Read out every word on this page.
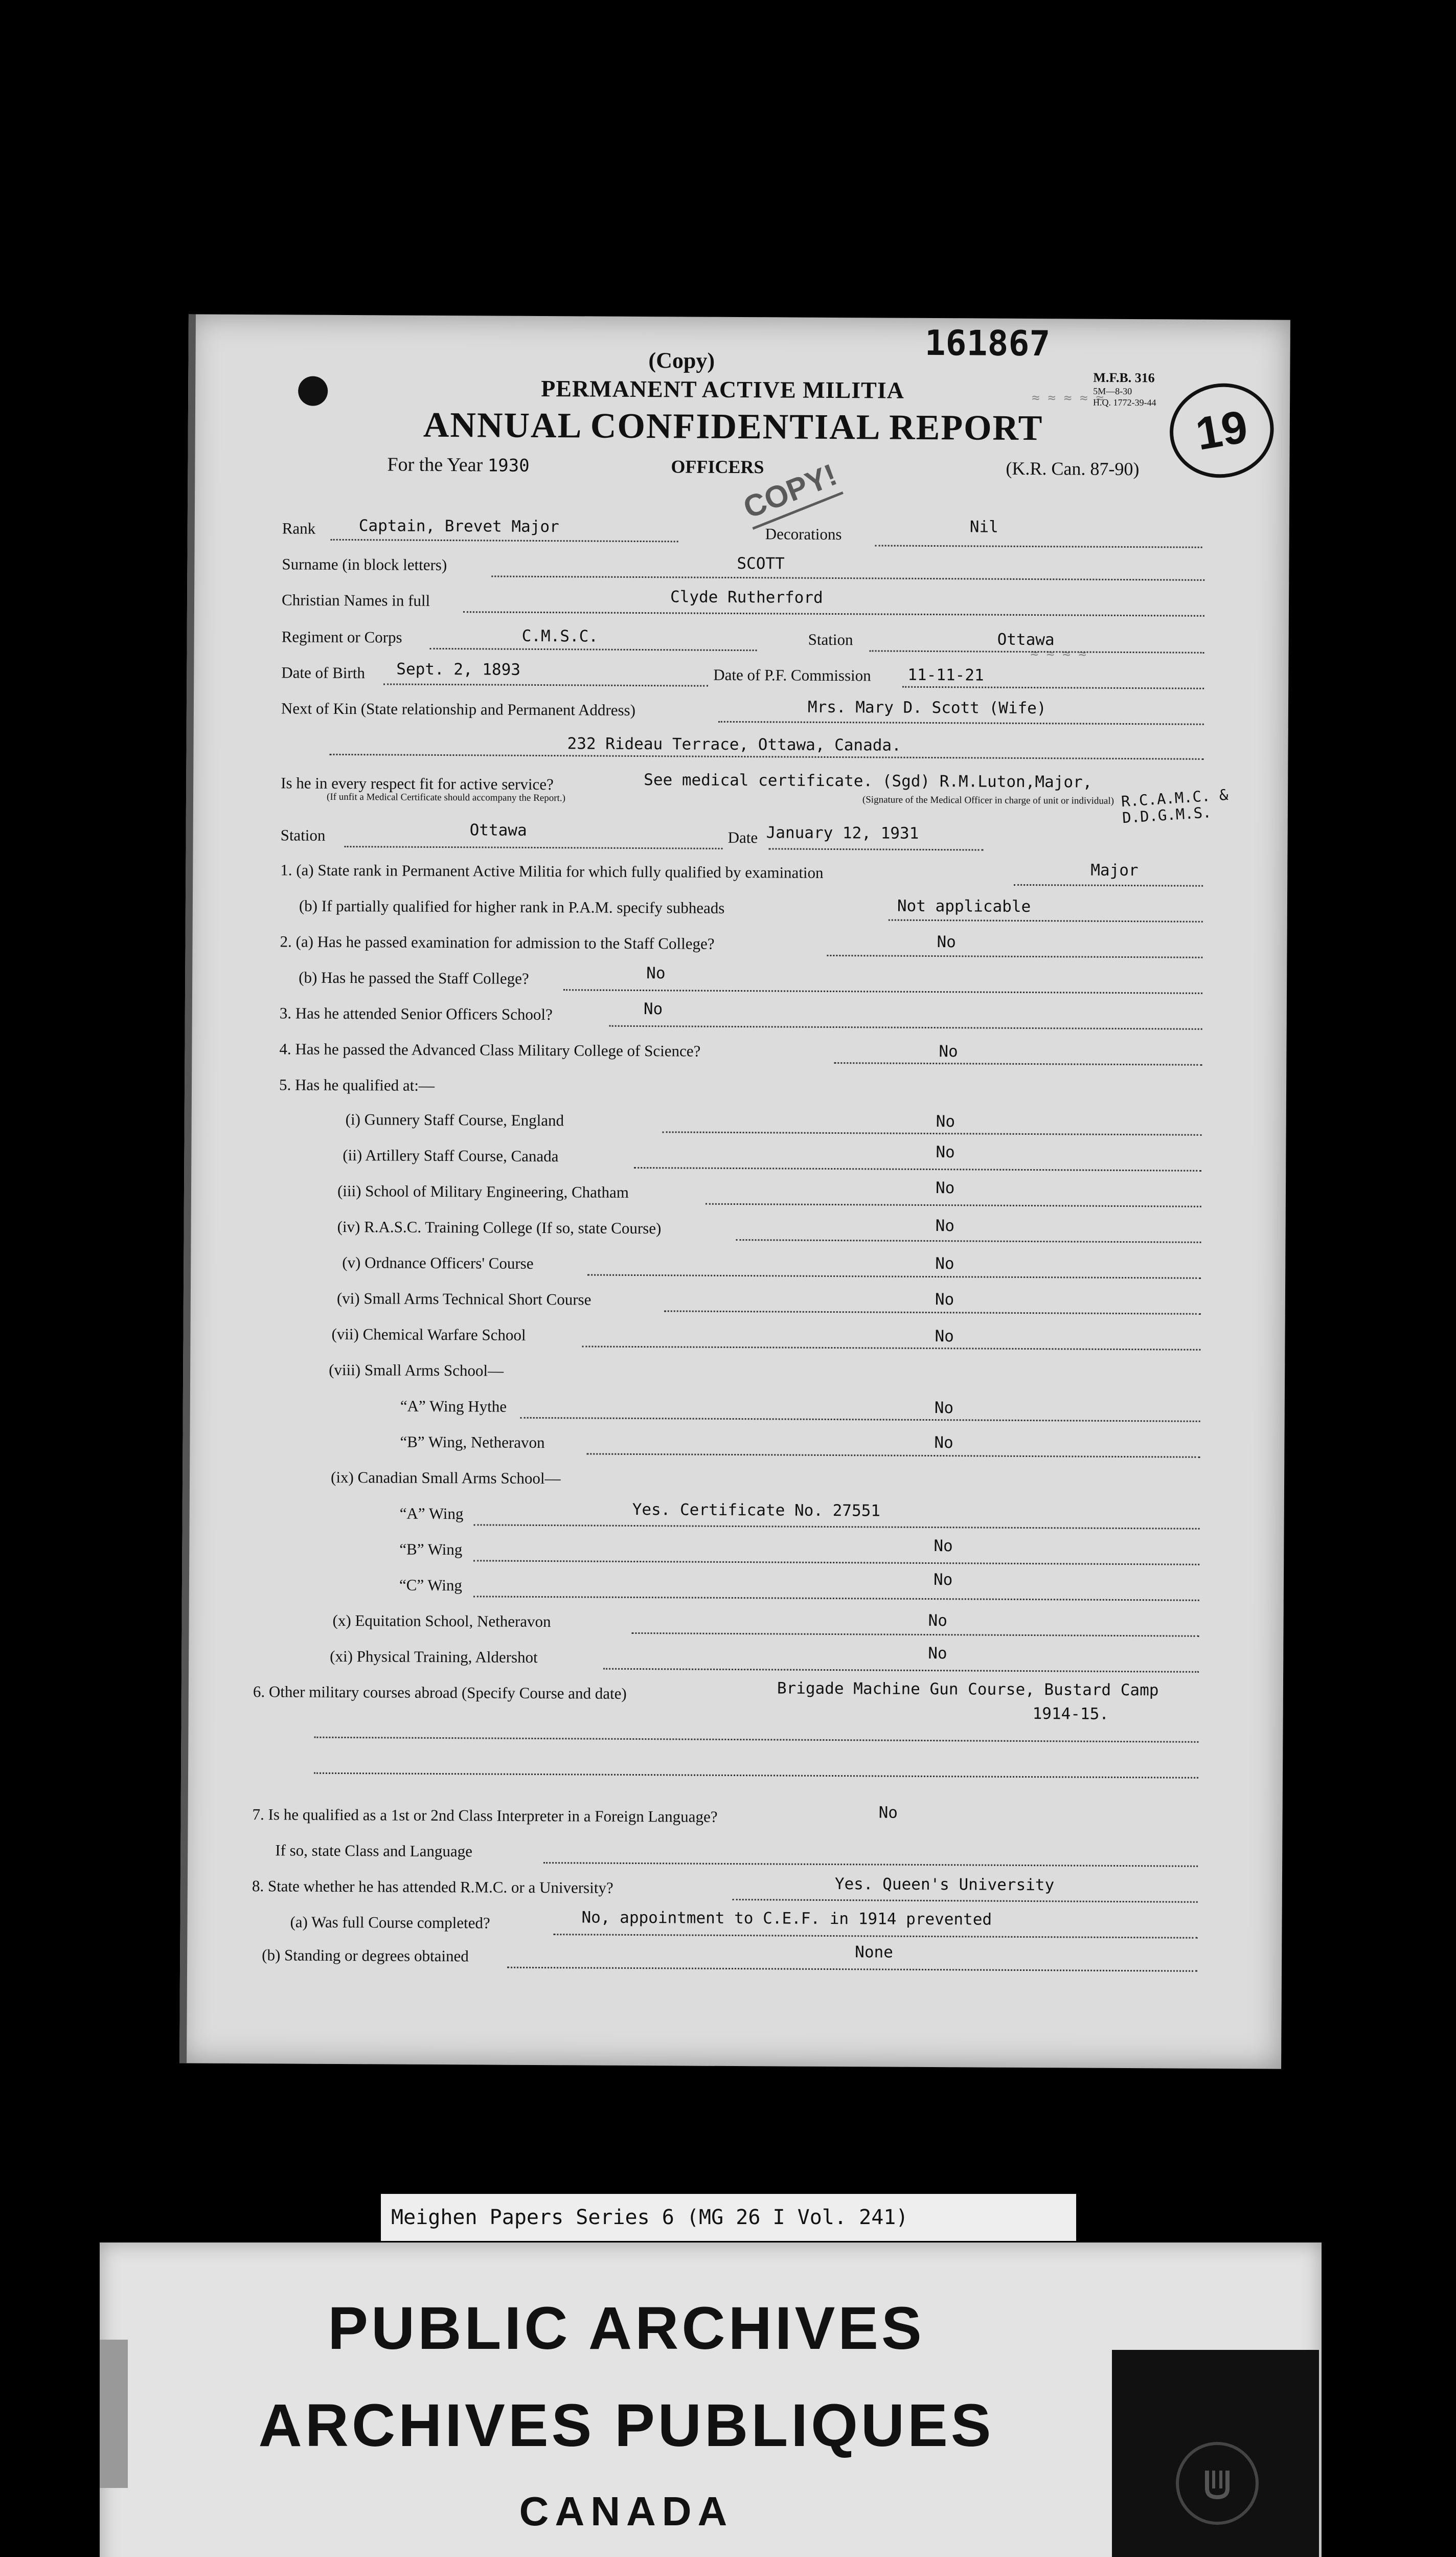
≈ ≈ ≈ ≈ ≈
≈ ≈ ≈ ≈
(Copy)	161867
M.F.B. 316
5M—8-30
H.Q. 1772-39-44
PERMANENT ACTIVE MILITIA
ANNUAL CONFIDENTIAL REPORT
For the Year 1930	OFFICERS	(K.R. Can. 87-90)
COPY!
19
Rank	Captain, Brevet Major	Decorations	Nil
Surname (in block letters)	SCOTT
Christian Names in full	Clyde Rutherford
Regiment or Corps	C.M.S.C.	Station	Ottawa
Date of Birth Sept. 2, 1893	Date of P.F. Commission 11-11-21
Next of Kin (State relationship and Permanent Address)	Mrs. Mary D. Scott (Wife)
232 Rideau Terrace, Ottawa, Canada.
Is he in every respect fit for active service?	See medical certificate. (Sgd) R.M.Luton,Major,
(If unfit a Medical Certificate should accompany the Report.)	(Signature of the Medical Officer in charge of unit or individual) R.C.A.M.C. & D.D.G.M.S.
Station	Ottawa	Date January 12, 1931
1. (a) State rank in Permanent Active Militia for which fully qualified by examination	Major
(b) If partially qualified for higher rank in P.A.M. specify subheads	Not applicable
2. (a) Has he passed examination for admission to the Staff College?	No
(b) Has he passed the Staff College?	No
3. Has he attended Senior Officers School?	No
4. Has he passed the Advanced Class Military College of Science?	No
5. Has he qualified at:—
(i) Gunnery Staff Course, England	No
(ii) Artillery Staff Course, Canada	No
(iii) School of Military Engineering, Chatham	No
(iv) R.A.S.C. Training College (If so, state Course)	No
(v) Ordnance Officers' Course	No
(vi) Small Arms Technical Short Course	No
(vii) Chemical Warfare School	No
(viii) Small Arms School—
“A” Wing Hythe	No
“B” Wing, Netheravon	No
(ix) Canadian Small Arms School—
“A” Wing	Yes. Certificate No. 27551
“B” Wing	No
“C” Wing	No
(x) Equitation School, Netheravon	No
(xi) Physical Training, Aldershot	No
6. Other military courses abroad (Specify Course and date)	Brigade Machine Gun Course, Bustard Camp
1914-15.
7. Is he qualified as a 1st or 2nd Class Interpreter in a Foreign Language?	No
If so, state Class and Language
8. State whether he has attended R.M.C. or a University?	Yes. Queen's University
(a) Was full Course completed?	No, appointment to C.E.F. in 1914 prevented
(b) Standing or degrees obtained	None
Meighen Papers Series 6 (MG 26 I Vol. 241)
PUBLIC ARCHIVES
ARCHIVES PUBLIQUES
CANADA
